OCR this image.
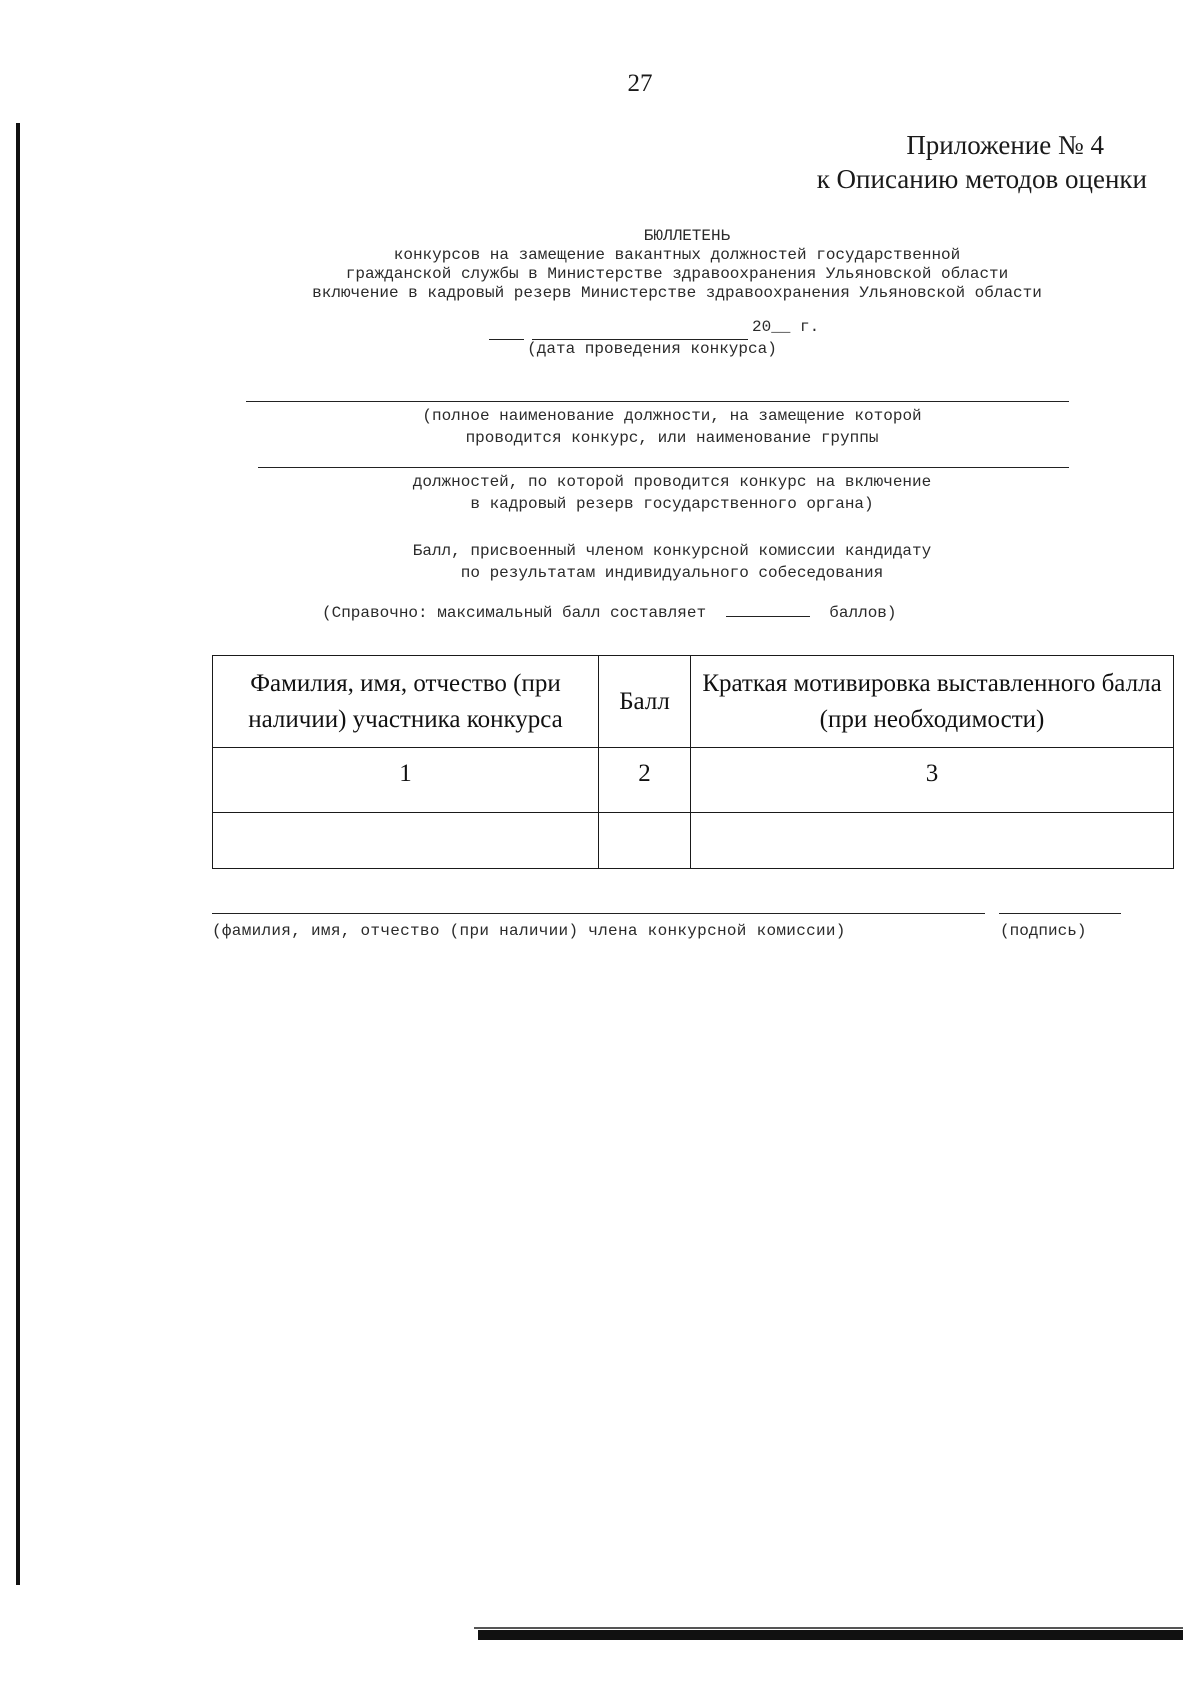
27
Приложение № 4
к Описанию методов оценки
БЮЛЛЕТЕНЬ
конкурсов на замещение вакантных должностей государственной
гражданской службы в Министерстве здравоохранения Ульяновской области
включение в кадровый резерв Министерстве здравоохранения Ульяновской области
20__ г.
(дата проведения конкурса)
(полное наименование должности, на замещение которой
проводится конкурс, или наименование группы
должностей, по которой проводится конкурс на включение
в кадровый резерв государственного органа)
Балл, присвоенный членом конкурсной комиссии кандидату
по результатам индивидуального собеседования
(Справочно: максимальный балл составляет	баллов)
Фамилия, имя, отчество (при наличии) участника конкурса	Балл	Краткая мотивировка выставленного балла (при необходимости)
1	2	3

(фамилия, имя, отчество (при наличии) члена конкурсной комиссии)	(подпись)
